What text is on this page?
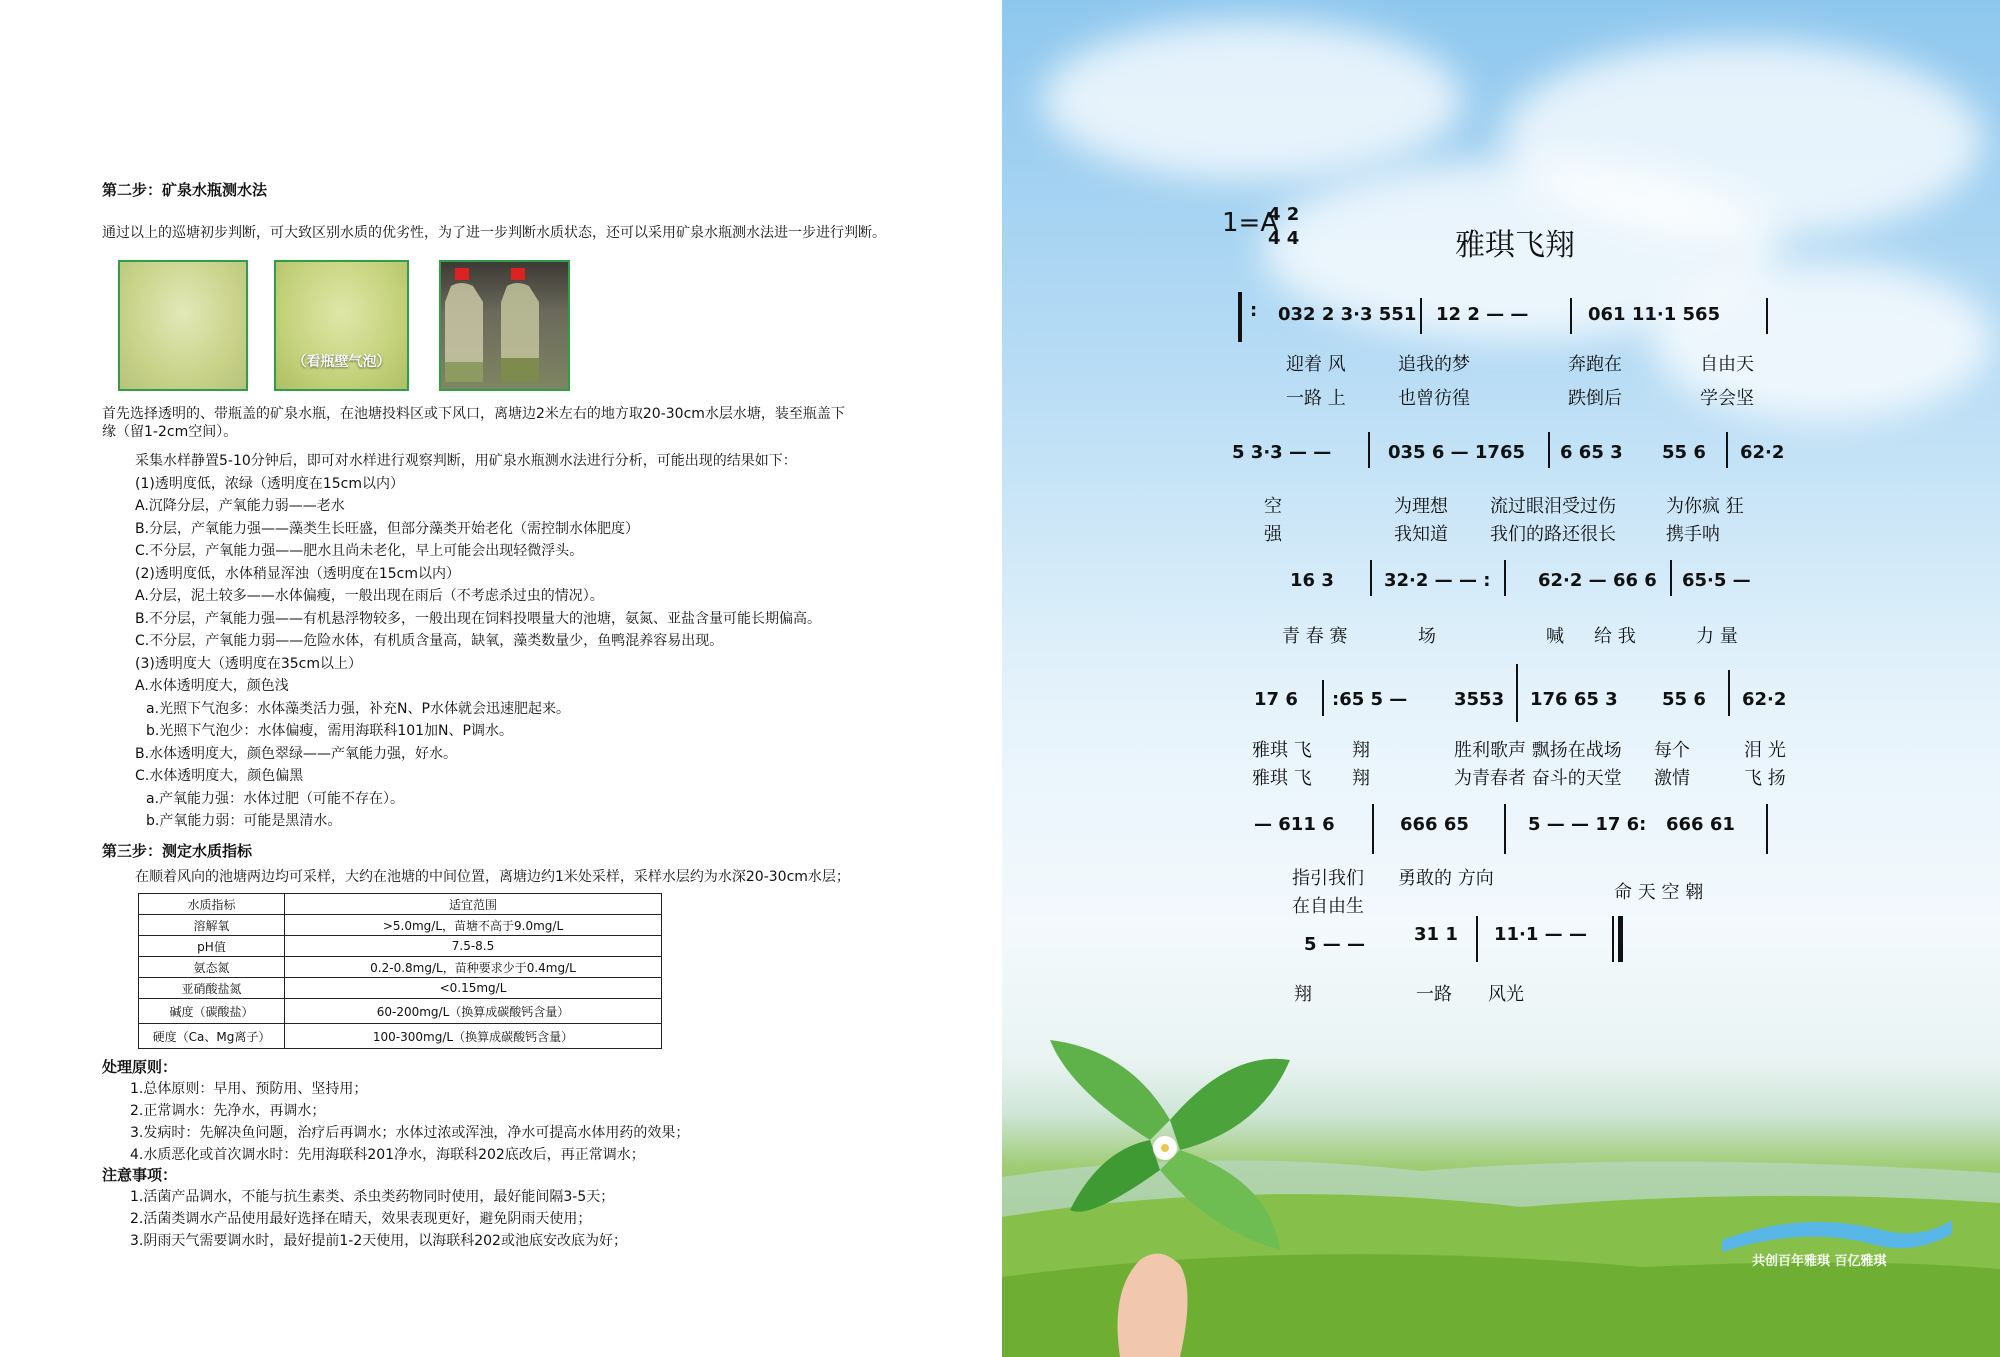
第二步：矿泉水瓶测水法
通过以上的巡塘初步判断，可大致区别水质的优劣性，为了进一步判断水质状态，还可以采用矿泉水瓶测水法进一步进行判断。
（看瓶壁气泡）
首先选择透明的、带瓶盖的矿泉水瓶，在池塘投料区或下风口，离塘边2米左右的地方取20-30cm水层水塘，装至瓶盖下
缘（留1-2cm空间）。
采集水样静置5-10分钟后，即可对水样进行观察判断，用矿泉水瓶测水法进行分析，可能出现的结果如下：
(1)透明度低，浓绿（透明度在15cm以内）
A.沉降分层，产氧能力弱——老水
B.分层，产氧能力强——藻类生长旺盛，但部分藻类开始老化（需控制水体肥度）
C.不分层，产氧能力强——肥水且尚未老化，早上可能会出现轻微浮头。
(2)透明度低，水体稍显浑浊（透明度在15cm以内）
A.分层，泥土较多——水体偏瘦，一般出现在雨后（不考虑杀过虫的情况）。
B.不分层，产氧能力强——有机悬浮物较多，一般出现在饲料投喂量大的池塘，氨氮、亚盐含量可能长期偏高。
C.不分层，产氧能力弱——危险水体，有机质含量高，缺氧，藻类数量少，鱼鸭混养容易出现。
(3)透明度大（透明度在35cm以上）
A.水体透明度大，颜色浅
a.光照下气泡多：水体藻类活力强，补充N、P水体就会迅速肥起来。
b.光照下气泡少：水体偏瘦，需用海联科101加N、P调水。
B.水体透明度大，颜色翠绿——产氧能力强，好水。
C.水体透明度大，颜色偏黑
a.产氧能力强：水体过肥（可能不存在）。
b.产氧能力弱：可能是黑清水。
第三步：测定水质指标
在顺着风向的池塘两边均可采样，大约在池塘的中间位置，离塘边约1米处采样，采样水层约为水深20-30cm水层；
水质指标	适宜范围
溶解氧	>5.0mg/L，苗塘不高于9.0mg/L
pH值	7.5-8.5
氨态氮	0.2-0.8mg/L，苗种要求少于0.4mg/L
亚硝酸盐氮	<0.15mg/L
碱度（碳酸盐）	60-200mg/L（换算成碳酸钙含量）
硬度（Ca、Mg离子）	100-300mg/L（换算成碳酸钙含量）
处理原则：
1.总体原则：早用、预防用、坚持用；
2.正常调水：先净水，再调水；
3.发病时：先解决鱼问题，治疗后再调水；水体过浓或浑浊，净水可提高水体用药的效果；
4.水质恶化或首次调水时：先用海联科201净水，海联科202底改后，再正常调水；
注意事项：
1.活菌产品调水，不能与抗生素类、杀虫类药物同时使用，最好能间隔3-5天；
2.活菌类调水产品使用最好选择在晴天，效果表现更好，避免阴雨天使用；
3.阴雨天气需要调水时，最好提前1-2天使用，以海联科202或池底安改底为好；
共创百年雅琪 百亿雅琪
1=A
4 2
4 4	雅琪飞翔
: 032 2 3·3 551 12 2 — —	061 11·1 565
迎着 风	追我的梦	奔跑在	自由天
一路 上	也曾彷徨	跌倒后	学会坚
5 3·3 — —	035 6 — 1765 6 65 3 55 6 62·2
空	为理想 流过眼泪受过伤	为你疯 狂
强	我知道 我们的路还很长	携手呐
16 3	32·2 — — :	62·2 — 66 6 65·5 —
青 春 赛	场	喊 给 我	力 量
17 6 :65 5 —	3553 176 65 3 55 6 62·2
雅琪 飞 翔	胜利歌声 飘扬在战场 每个	泪 光
雅琪 飞 翔	为青春者 奋斗的天堂 激情	飞 扬
— 611 6	666 65	5 — — 17 6: 666 61
指引我们 勇敢的 方向
命 天 空 翱
在自由生
5 — —	31 1 11·1 — —
翔	一路 风光
